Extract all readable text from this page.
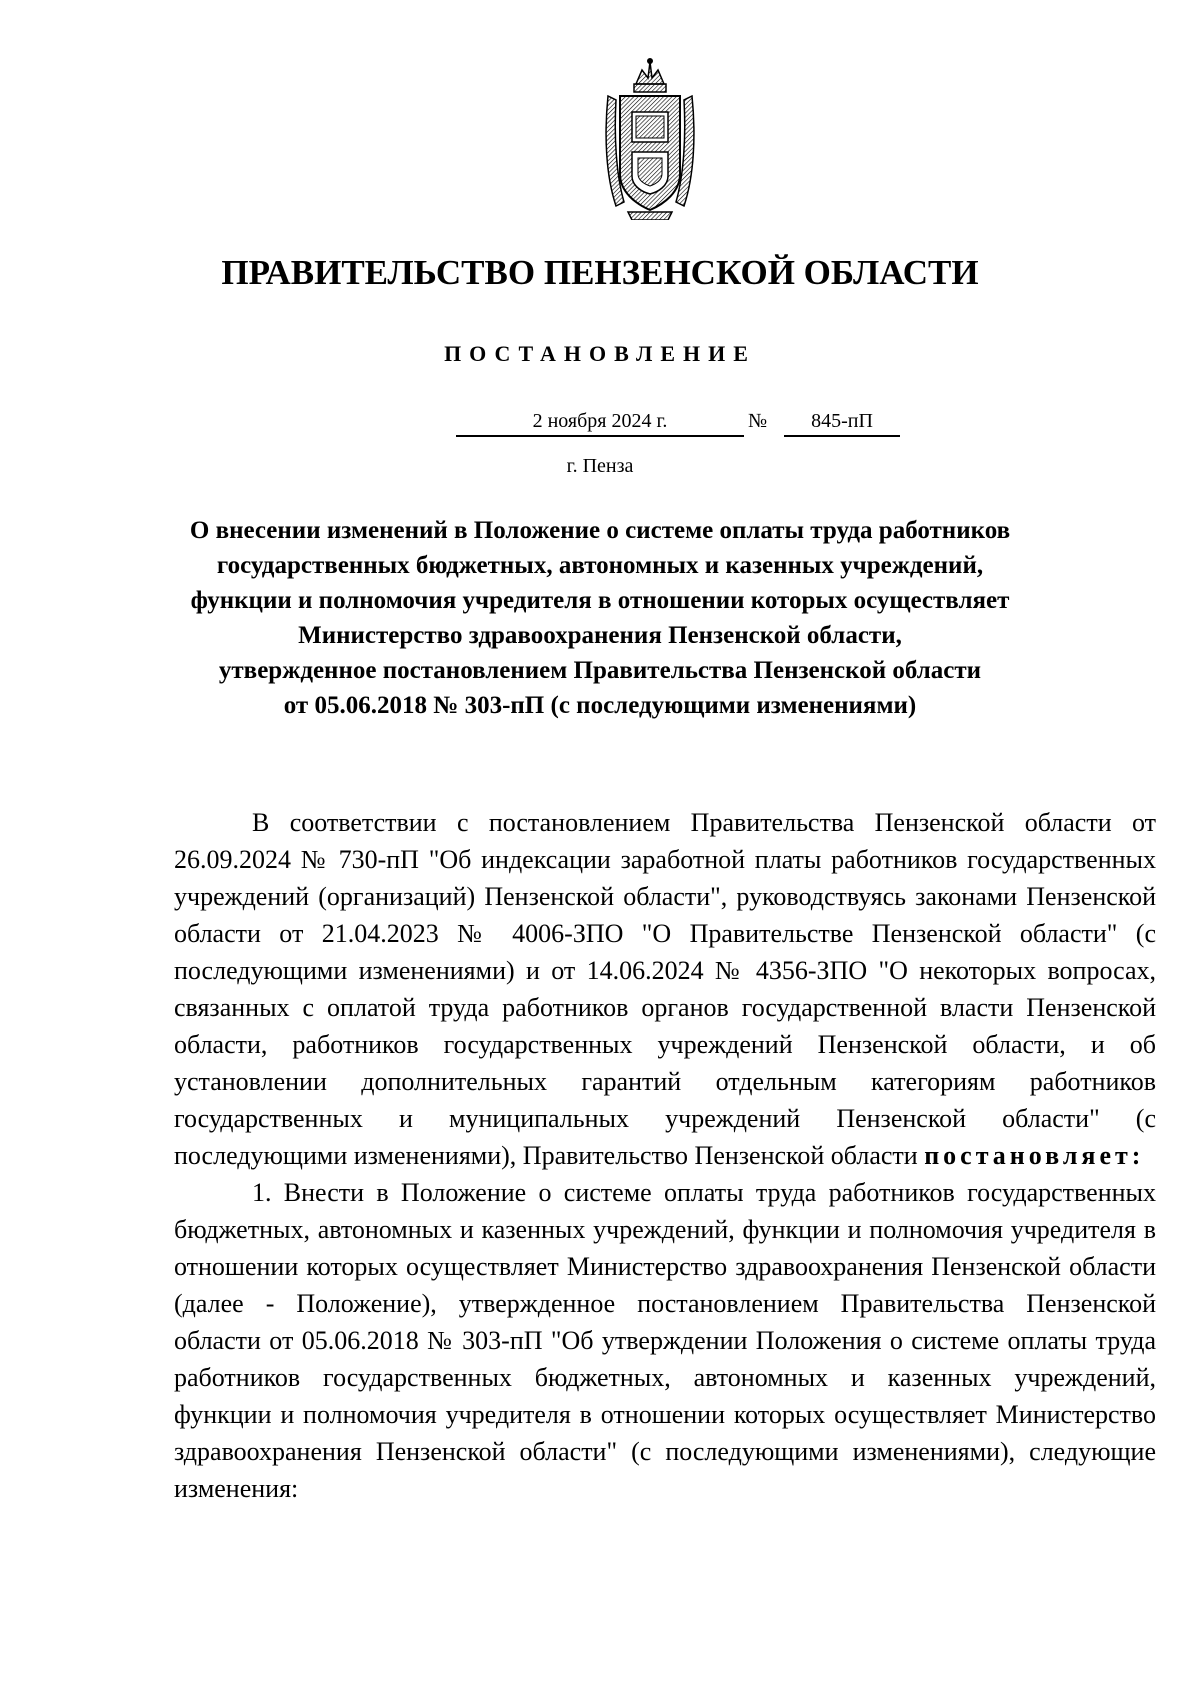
ПРАВИТЕЛЬСТВО ПЕНЗЕНСКОЙ ОБЛАСТИ
ПОСТАНОВЛЕНИЕ
2 ноября 2024 г.	№	845-пП
г. Пенза
О внесении изменений в Положение о системе оплаты труда работников
государственных бюджетных, автономных и казенных учреждений,
функции и полномочия учредителя в отношении которых осуществляет
Министерство здравоохранения Пензенской области,
утвержденное постановлением Правительства Пензенской области
от 05.06.2018 № 303-пП (с последующими изменениями)

В соответствии с постановлением Правительства Пензенской области от 26.09.2024 № 730-пП "Об индексации заработной платы работников государственных учреждений (организаций) Пензенской области", руководствуясь законами Пензенской области от 21.04.2023 № 4006-ЗПО "О Правительстве Пензенской области" (с последующими изменениями) и от 14.06.2024 № 4356-ЗПО "О некоторых вопросах, связанных с оплатой труда работников органов государственной власти Пензенской области, работников государственных учреждений Пензенской области, и об установлении дополнительных гарантий отдельным категориям работников государственных и муниципальных учреждений Пензенской области" (с последующими изменениями), Правительство Пензенской области постановляет:

1. Внести в Положение о системе оплаты труда работников государственных бюджетных, автономных и казенных учреждений, функции и полномочия учредителя в отношении которых осуществляет Министерство здравоохранения Пензенской области (далее - Положение), утвержденное постановлением Правительства Пензенской области от 05.06.2018 № 303-пП "Об утверждении Положения о системе оплаты труда работников государственных бюджетных, автономных и казенных учреждений, функции и полномочия учредителя в отношении которых осуществляет Министерство здравоохранения Пензенской области" (с последующими изменениями), следующие изменения:
